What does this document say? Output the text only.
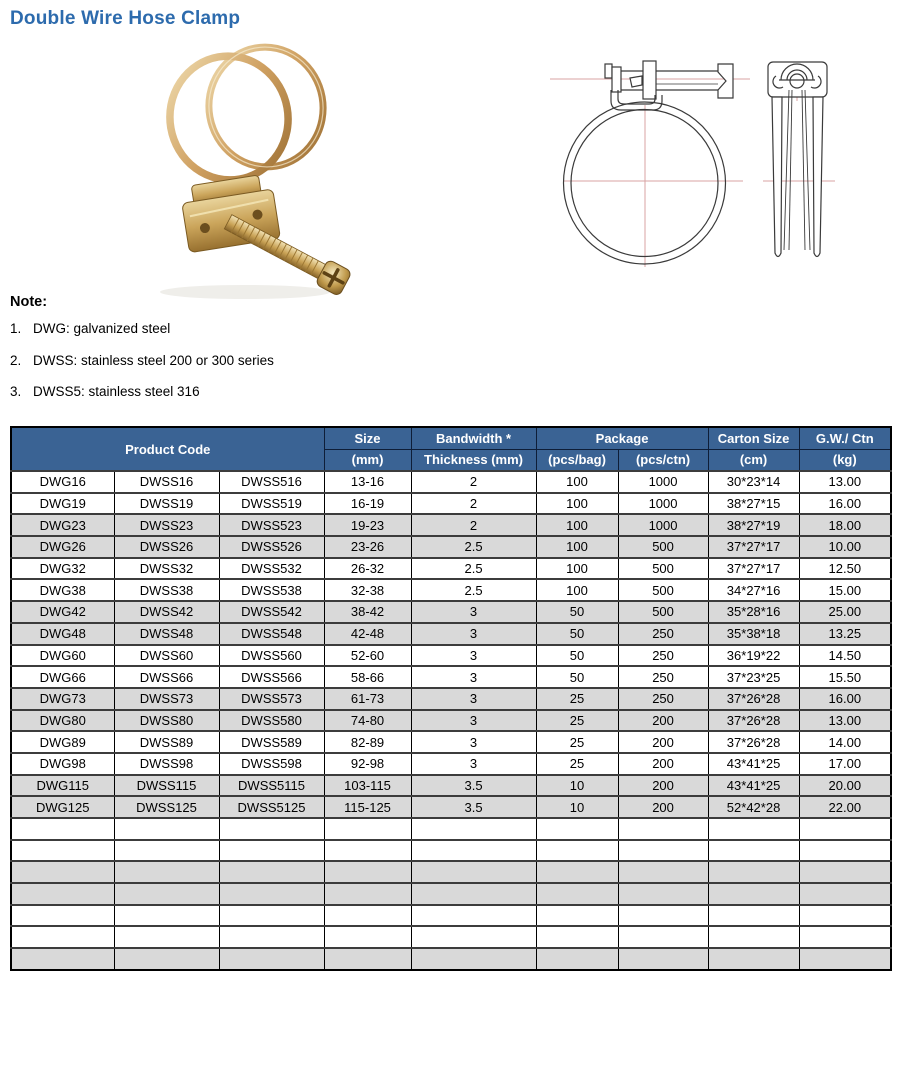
Double Wire Hose Clamp
Note:
1. DWG: galvanized steel
2. DWSS: stainless steel 200 or 300 series
3. DWSS5: stainless steel 316
Product Code			Size	Bandwidth *	Package		Carton Size	G.W./ Ctn
			(mm)	Thickness (mm)	(pcs/bag)	(pcs/ctn)	(cm)	(kg)
DWG16	DWSS16	DWSS516	13-16	2	100	1000	30*23*14	13.00
DWG19	DWSS19	DWSS519	16-19	2	100	1000	38*27*15	16.00
DWG23	DWSS23	DWSS523	19-23	2	100	1000	38*27*19	18.00
DWG26	DWSS26	DWSS526	23-26	2.5	100	500	37*27*17	10.00
DWG32	DWSS32	DWSS532	26-32	2.5	100	500	37*27*17	12.50
DWG38	DWSS38	DWSS538	32-38	2.5	100	500	34*27*16	15.00
DWG42	DWSS42	DWSS542	38-42	3	50	500	35*28*16	25.00
DWG48	DWSS48	DWSS548	42-48	3	50	250	35*38*18	13.25
DWG60	DWSS60	DWSS560	52-60	3	50	250	36*19*22	14.50
DWG66	DWSS66	DWSS566	58-66	3	50	250	37*23*25	15.50
DWG73	DWSS73	DWSS573	61-73	3	25	250	37*26*28	16.00
DWG80	DWSS80	DWSS580	74-80	3	25	200	37*26*28	13.00
DWG89	DWSS89	DWSS589	82-89	3	25	200	37*26*28	14.00
DWG98	DWSS98	DWSS598	92-98	3	25	200	43*41*25	17.00
DWG115	DWSS115	DWSS5115	103-115	3.5	10	200	43*41*25	20.00
DWG125	DWSS125	DWSS5125	115-125	3.5	10	200	52*42*28	22.00
